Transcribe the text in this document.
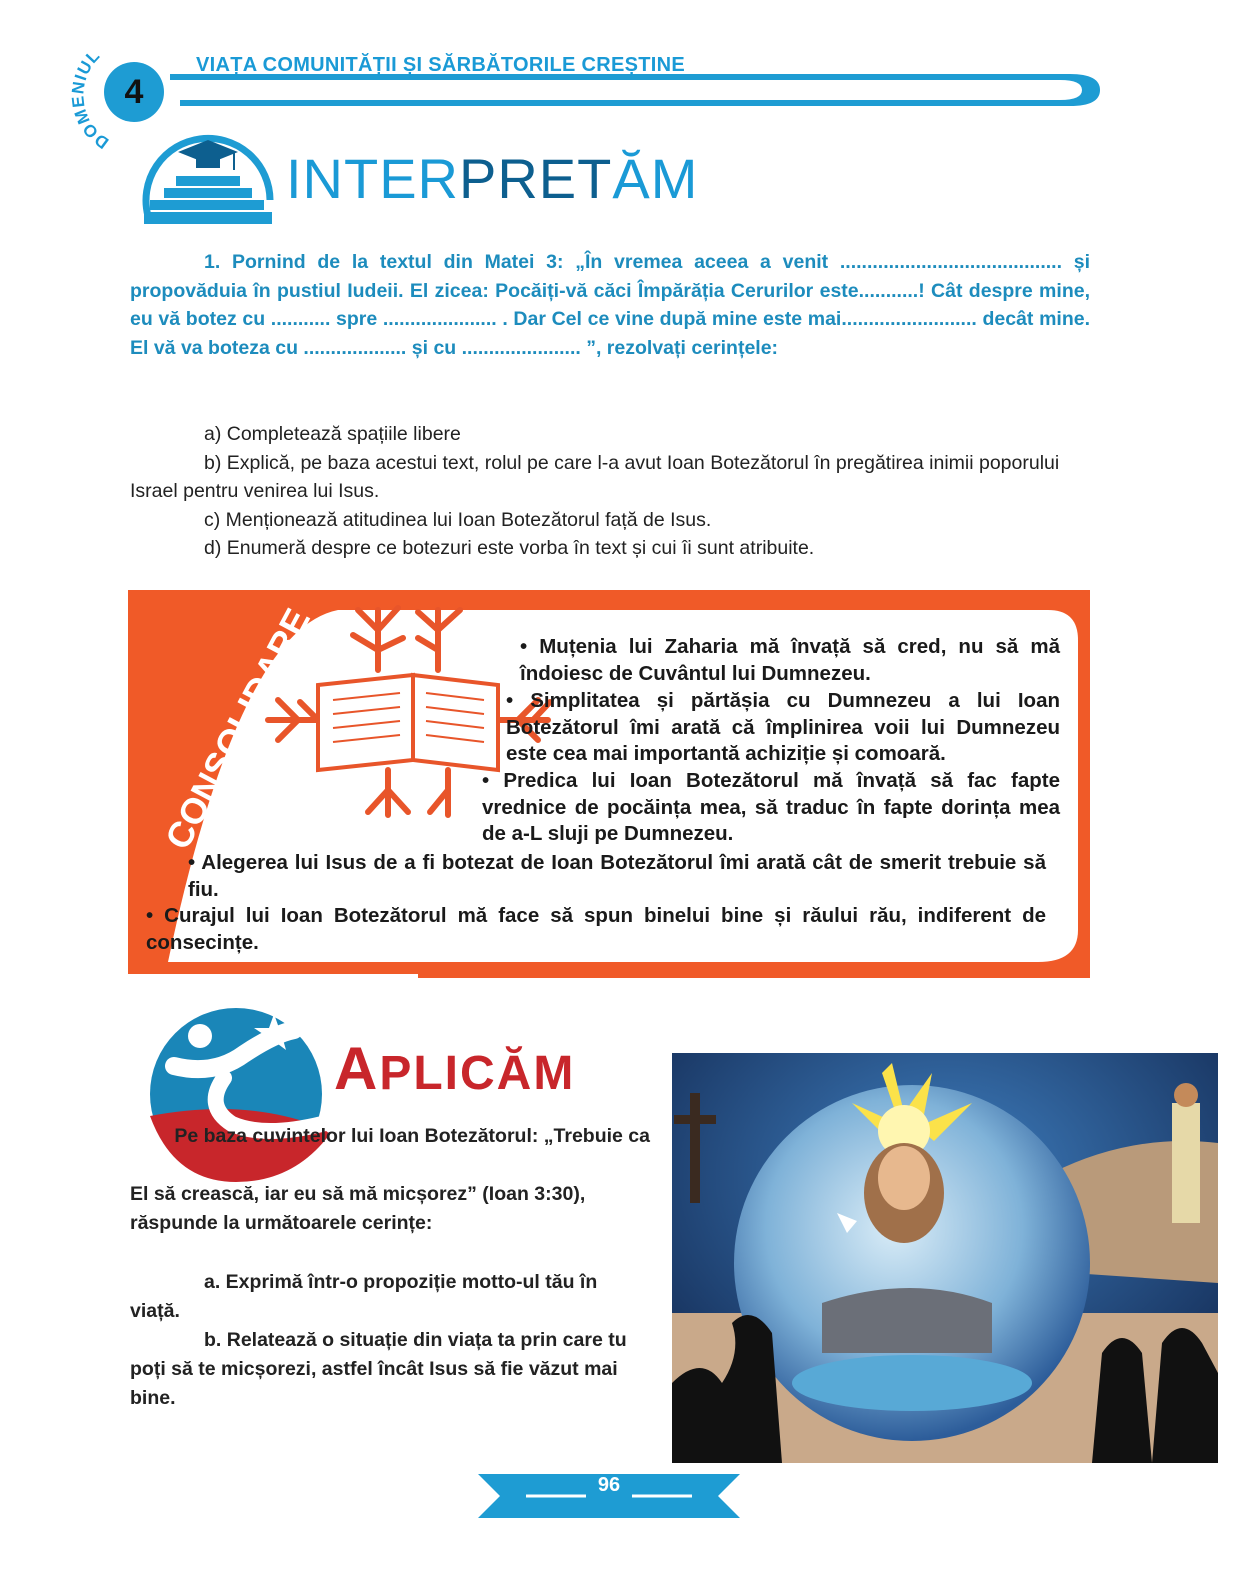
DOMENIUL
4
VIAȚA COMUNITĂȚII ȘI SĂRBĂTORILE CREȘTINE
INTERPRETĂM
1. Pornind de la textul din Matei 3: „În vremea aceea a venit ......................................... și propovăduia în pustiul Iudeii. El zicea: Pocăiți-vă căci Împărăția Cerurilor este...........! Cât despre mine, eu vă botez cu ........... spre ..................... . Dar Cel ce vine după mine este mai......................... decât mine. El vă va boteza cu ................... și cu ...................... ”, rezolvați cerințele:
a) Completează spațiile libere
b) Explică, pe baza acestui text, rolul pe care l-a avut Ioan Botezătorul în pregătirea inimii poporului Israel pentru venirea lui Isus.
c) Menționează atitudinea lui Ioan Botezătorul față de Isus.
d) Enumeră despre ce botezuri este vorba în text și cui îi sunt atribuite.
CONSOLIDARE	• Muțenia lui Zaharia mă învață să cred, nu să mă îndoiesc de Cuvântul lui Dumnezeu.
• Simplitatea și părtășia cu Dumnezeu a lui Ioan Botezătorul îmi arată că împlinirea voii lui Dumnezeu este cea mai importantă achiziție și comoară.
• Predica lui Ioan Botezătorul mă învață să fac fapte vrednice de pocăința mea, să traduc în fapte dorința mea de a-L sluji pe Dumnezeu.
• Alegerea lui Isus de a fi botezat de Ioan Botezătorul îmi arată cât de smerit trebuie să fiu.
• Curajul lui Ioan Botezătorul mă face să spun binelui bine și răului rău, indiferent de consecințe.
APLICĂM
Pe baza cuvintelor lui Ioan Botezătorul: „Trebuie ca
El să crească, iar eu să mă micșorez” (Ioan 3:30), răspunde la următoarele cerințe:
a. Exprimă într-o propoziție motto-ul tău în viață.
b. Relatează o situație din viața ta prin care tu poți să te micșorezi, astfel încât Isus să fie văzut mai bine.
96
